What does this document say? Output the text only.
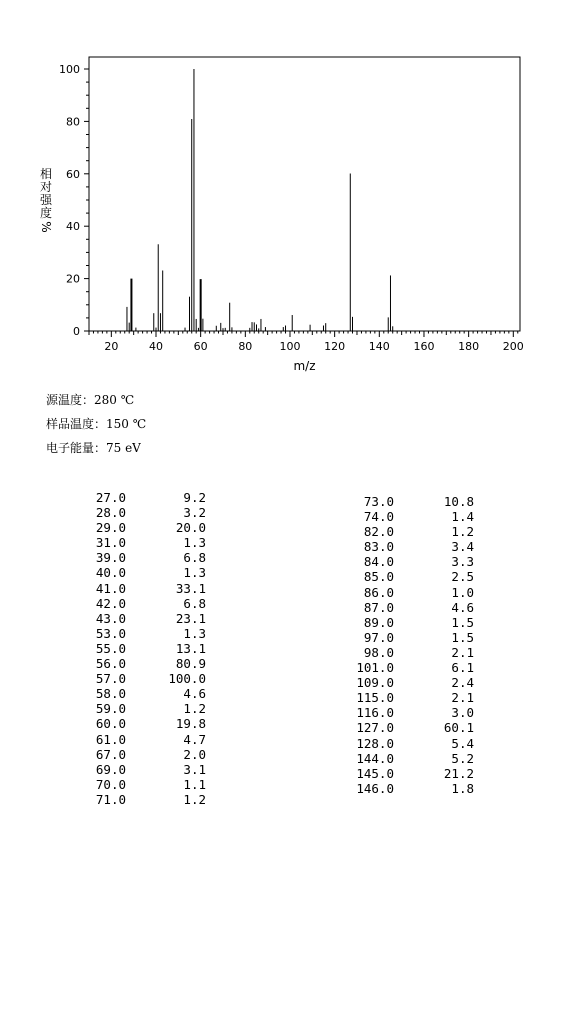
0
20
40
60
80
100
20	40	60	80 100 120 140 160 180 200
相
对
强
度
%
m/z
源温度：280 ℃
样品温度：150 ℃
电子能量：75 eV
27.0	9.2
28.0	3.2
29.0	20.0
31.0	1.3
39.0	6.8
40.0	1.3
41.0	33.1
42.0	6.8
43.0	23.1
53.0	1.3
55.0	13.1
56.0	80.9
57.0	100.0
58.0	4.6
59.0	1.2
60.0	19.8
61.0	4.7
67.0	2.0
69.0	3.1
70.0	1.1
71.0	1.2
73.0	10.8
74.0	1.4
82.0	1.2
83.0	3.4
84.0	3.3
85.0	2.5
86.0	1.0
87.0	4.6
89.0	1.5
97.0	1.5
98.0	2.1
101.0	6.1
109.0	2.4
115.0	2.1
116.0	3.0
127.0	60.1
128.0	5.4
144.0	5.2
145.0	21.2
146.0	1.8
